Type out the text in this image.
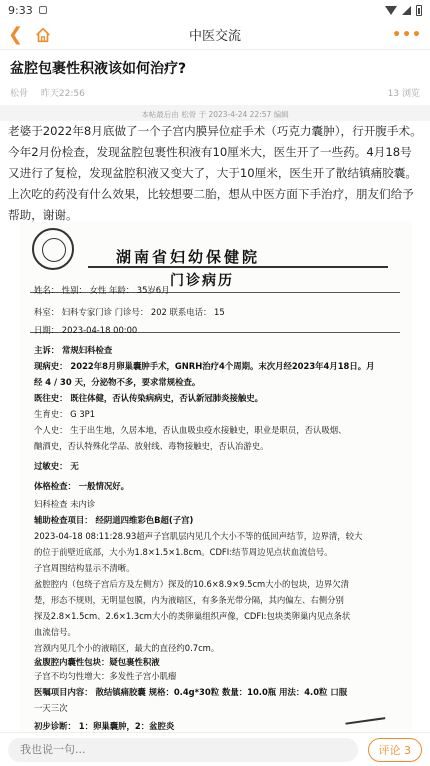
9:33
❮	中医交流	•••
盆腔包裹性积液该如何治疗?
松骨 昨天22:56	13 浏览
本帖最后由 松骨 于 2023-4-24 22:57 编辑
老婆于2022年8月底做了一个子宫内膜异位症手术（巧克力囊肿），行开腹手术。今年2月份检查，发现盆腔包裹性积液有10厘米大，医生开了一些药。4月18号又进行了复检，发现盆腔积液又变大了，大于10厘米，医生开了散结镇痛胶囊。上次吃的药没有什么效果，比较想要二胎，想从中医方面下手治疗，朋友们给予帮助，谢谢。
湖南省妇幼保健院
门诊病历
姓名： 性别： 女性 年龄： 35岁6月
科室： 妇科专家门诊 门诊号： 202 联系电话： 15
日期： 2023-04-18 00:00
主诉： 常规妇科检查
现病史： 2022年8月卵巢囊肿手术，GNRH治疗4个周期。末次月经2023年4月18日。月
经 4 / 30 天，分泌物不多，要求常规检查。
既往史： 既往体健，否认传染病病史，否认新冠肺炎接触史。
生育史： G 3P1
个人史： 生于出生地，久居本地，否认血吸虫疫水接触史，职业是职员，否认吸烟、
酗酒史，否认特殊化学品、放射线、毒物接触史，否认冶游史。
过敏史： 无
体格检查： 一般情况好。
妇科检查 未内诊
辅助检查项目： 经阴道四维彩色B超(子宫)
2023-04-18 08:11:28.93超声子宫肌层内见几个大小不等的低回声结节，边界清，较大
的位于前壁近底部，大小为1.8×1.5×1.8cm。CDFI:结节周边见点状血流信号。
子宫周围结构显示不清晰。
盆腔腔内（包绕子宫后方及左侧方）探及的10.6×8.9×9.5cm大小的包块，边界欠清
楚，形态不规则，无明显包膜，内为液暗区，有多条光带分隔，其内偏左、右侧分别
探及2.8×1.5cm、2.6×1.3cm大小的类卵巢组织声像，CDFI:包块类卵巢内见点条状
血流信号。
宫颈内见几个小的液暗区，最大的直径约0.7cm。
盆腹腔内囊性包块：疑包裹性积液
子宫不均匀性增大：多发性子宫小肌瘤
医嘱项目内容： 散结镇痛胶囊 规格：0.4g*30粒 数量：10.0瓶 用法：4.0粒 口服
一天三次
初步诊断： 1：卵巢囊肿，2：盆腔炎
我也说一句...
评论 3
